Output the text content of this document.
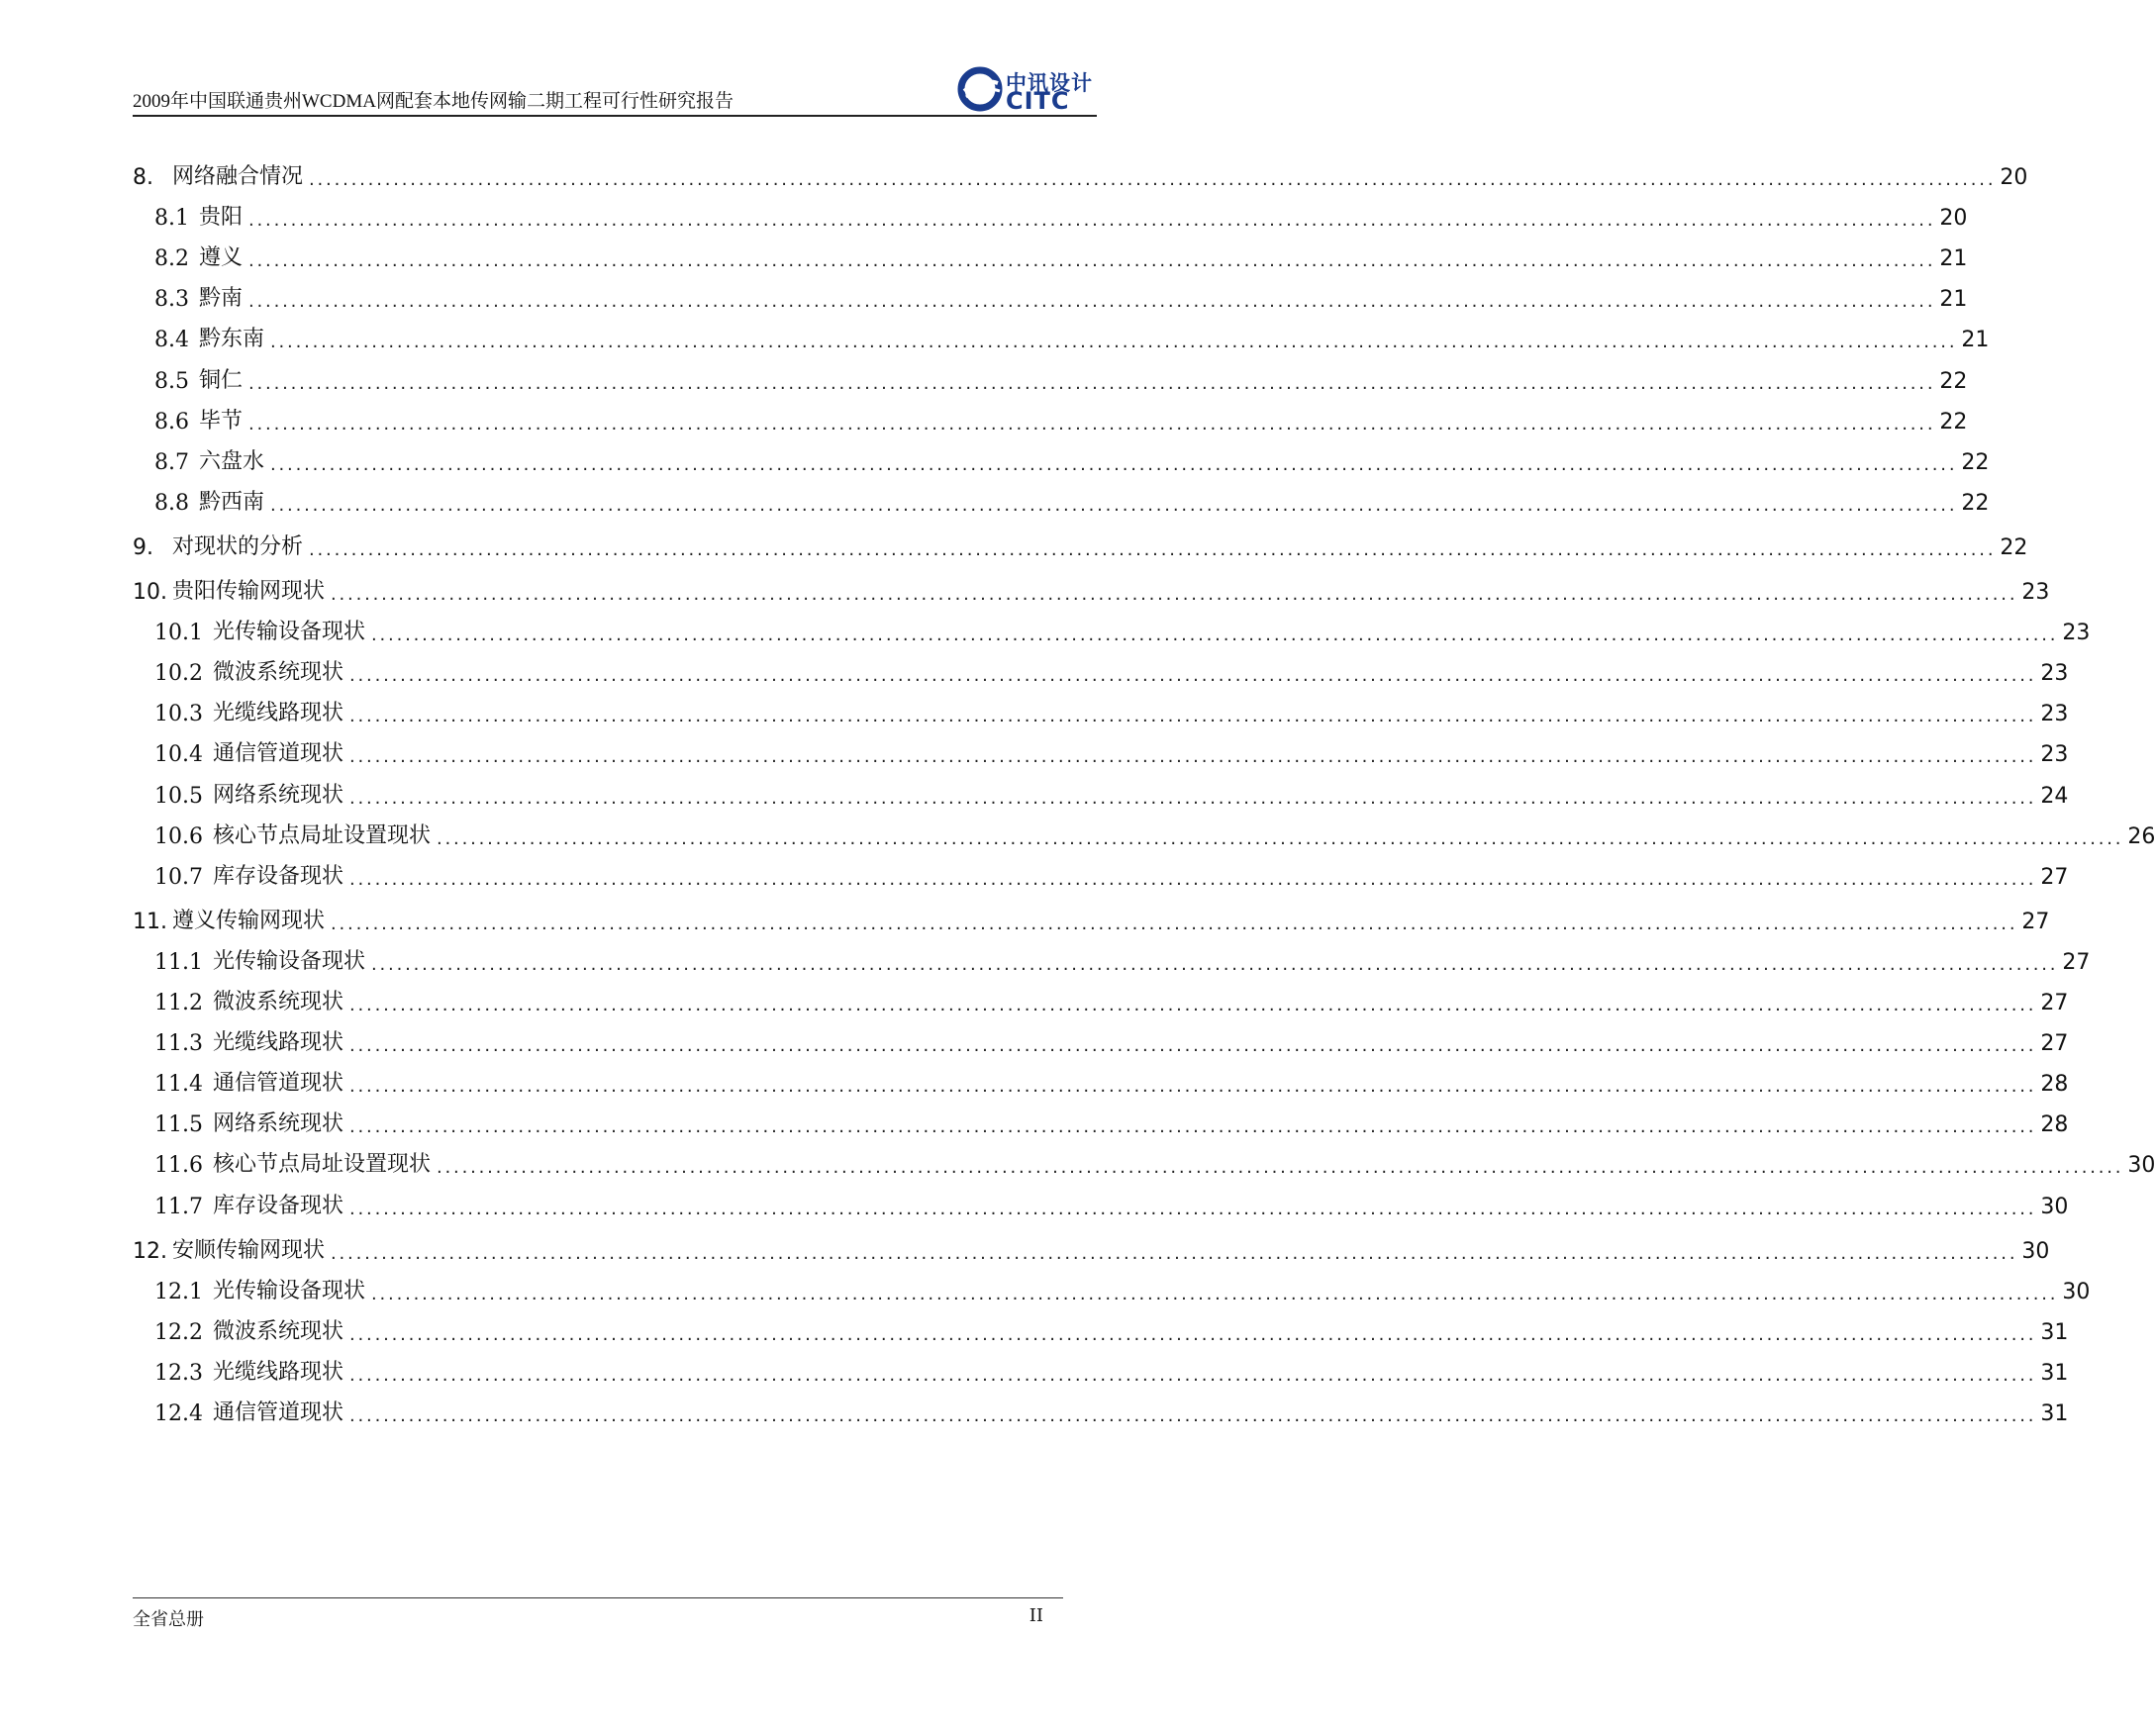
2009年中国联通贵州WCDMA网配套本地传网输二期工程可行性研究报告
中讯设计
CITC
8. 网络融合情况 ........................................................................................................................................................................................................ 20
8.1 贵阳 ........................................................................................................................................................................................................ 20
8.2 遵义 ........................................................................................................................................................................................................ 21
8.3 黔南 ........................................................................................................................................................................................................ 21
8.4 黔东南 ........................................................................................................................................................................................................ 21
8.5 铜仁 ........................................................................................................................................................................................................ 22
8.6 毕节 ........................................................................................................................................................................................................ 22
8.7 六盘水 ........................................................................................................................................................................................................ 22
8.8 黔西南 ........................................................................................................................................................................................................ 22
9. 对现状的分析 ........................................................................................................................................................................................................ 22
10. 贵阳传输网现状 ........................................................................................................................................................................................................ 23
10.1 光传输设备现状 ........................................................................................................................................................................................................ 23
10.2 微波系统现状 ........................................................................................................................................................................................................ 23
10.3 光缆线路现状 ........................................................................................................................................................................................................ 23
10.4 通信管道现状 ........................................................................................................................................................................................................ 23
10.5 网络系统现状 ........................................................................................................................................................................................................ 24
10.6 核心节点局址设置现状 ........................................................................................................................................................................................................ 26
10.7 库存设备现状 ........................................................................................................................................................................................................ 27
11. 遵义传输网现状 ........................................................................................................................................................................................................ 27
11.1 光传输设备现状 ........................................................................................................................................................................................................ 27
11.2 微波系统现状 ........................................................................................................................................................................................................ 27
11.3 光缆线路现状 ........................................................................................................................................................................................................ 27
11.4 通信管道现状 ........................................................................................................................................................................................................ 28
11.5 网络系统现状 ........................................................................................................................................................................................................ 28
11.6 核心节点局址设置现状 ........................................................................................................................................................................................................ 30
11.7 库存设备现状 ........................................................................................................................................................................................................ 30
12. 安顺传输网现状 ........................................................................................................................................................................................................ 30
12.1 光传输设备现状 ........................................................................................................................................................................................................ 30
12.2 微波系统现状 ........................................................................................................................................................................................................ 31
12.3 光缆线路现状 ........................................................................................................................................................................................................ 31
12.4 通信管道现状 ........................................................................................................................................................................................................ 31
全省总册	II
